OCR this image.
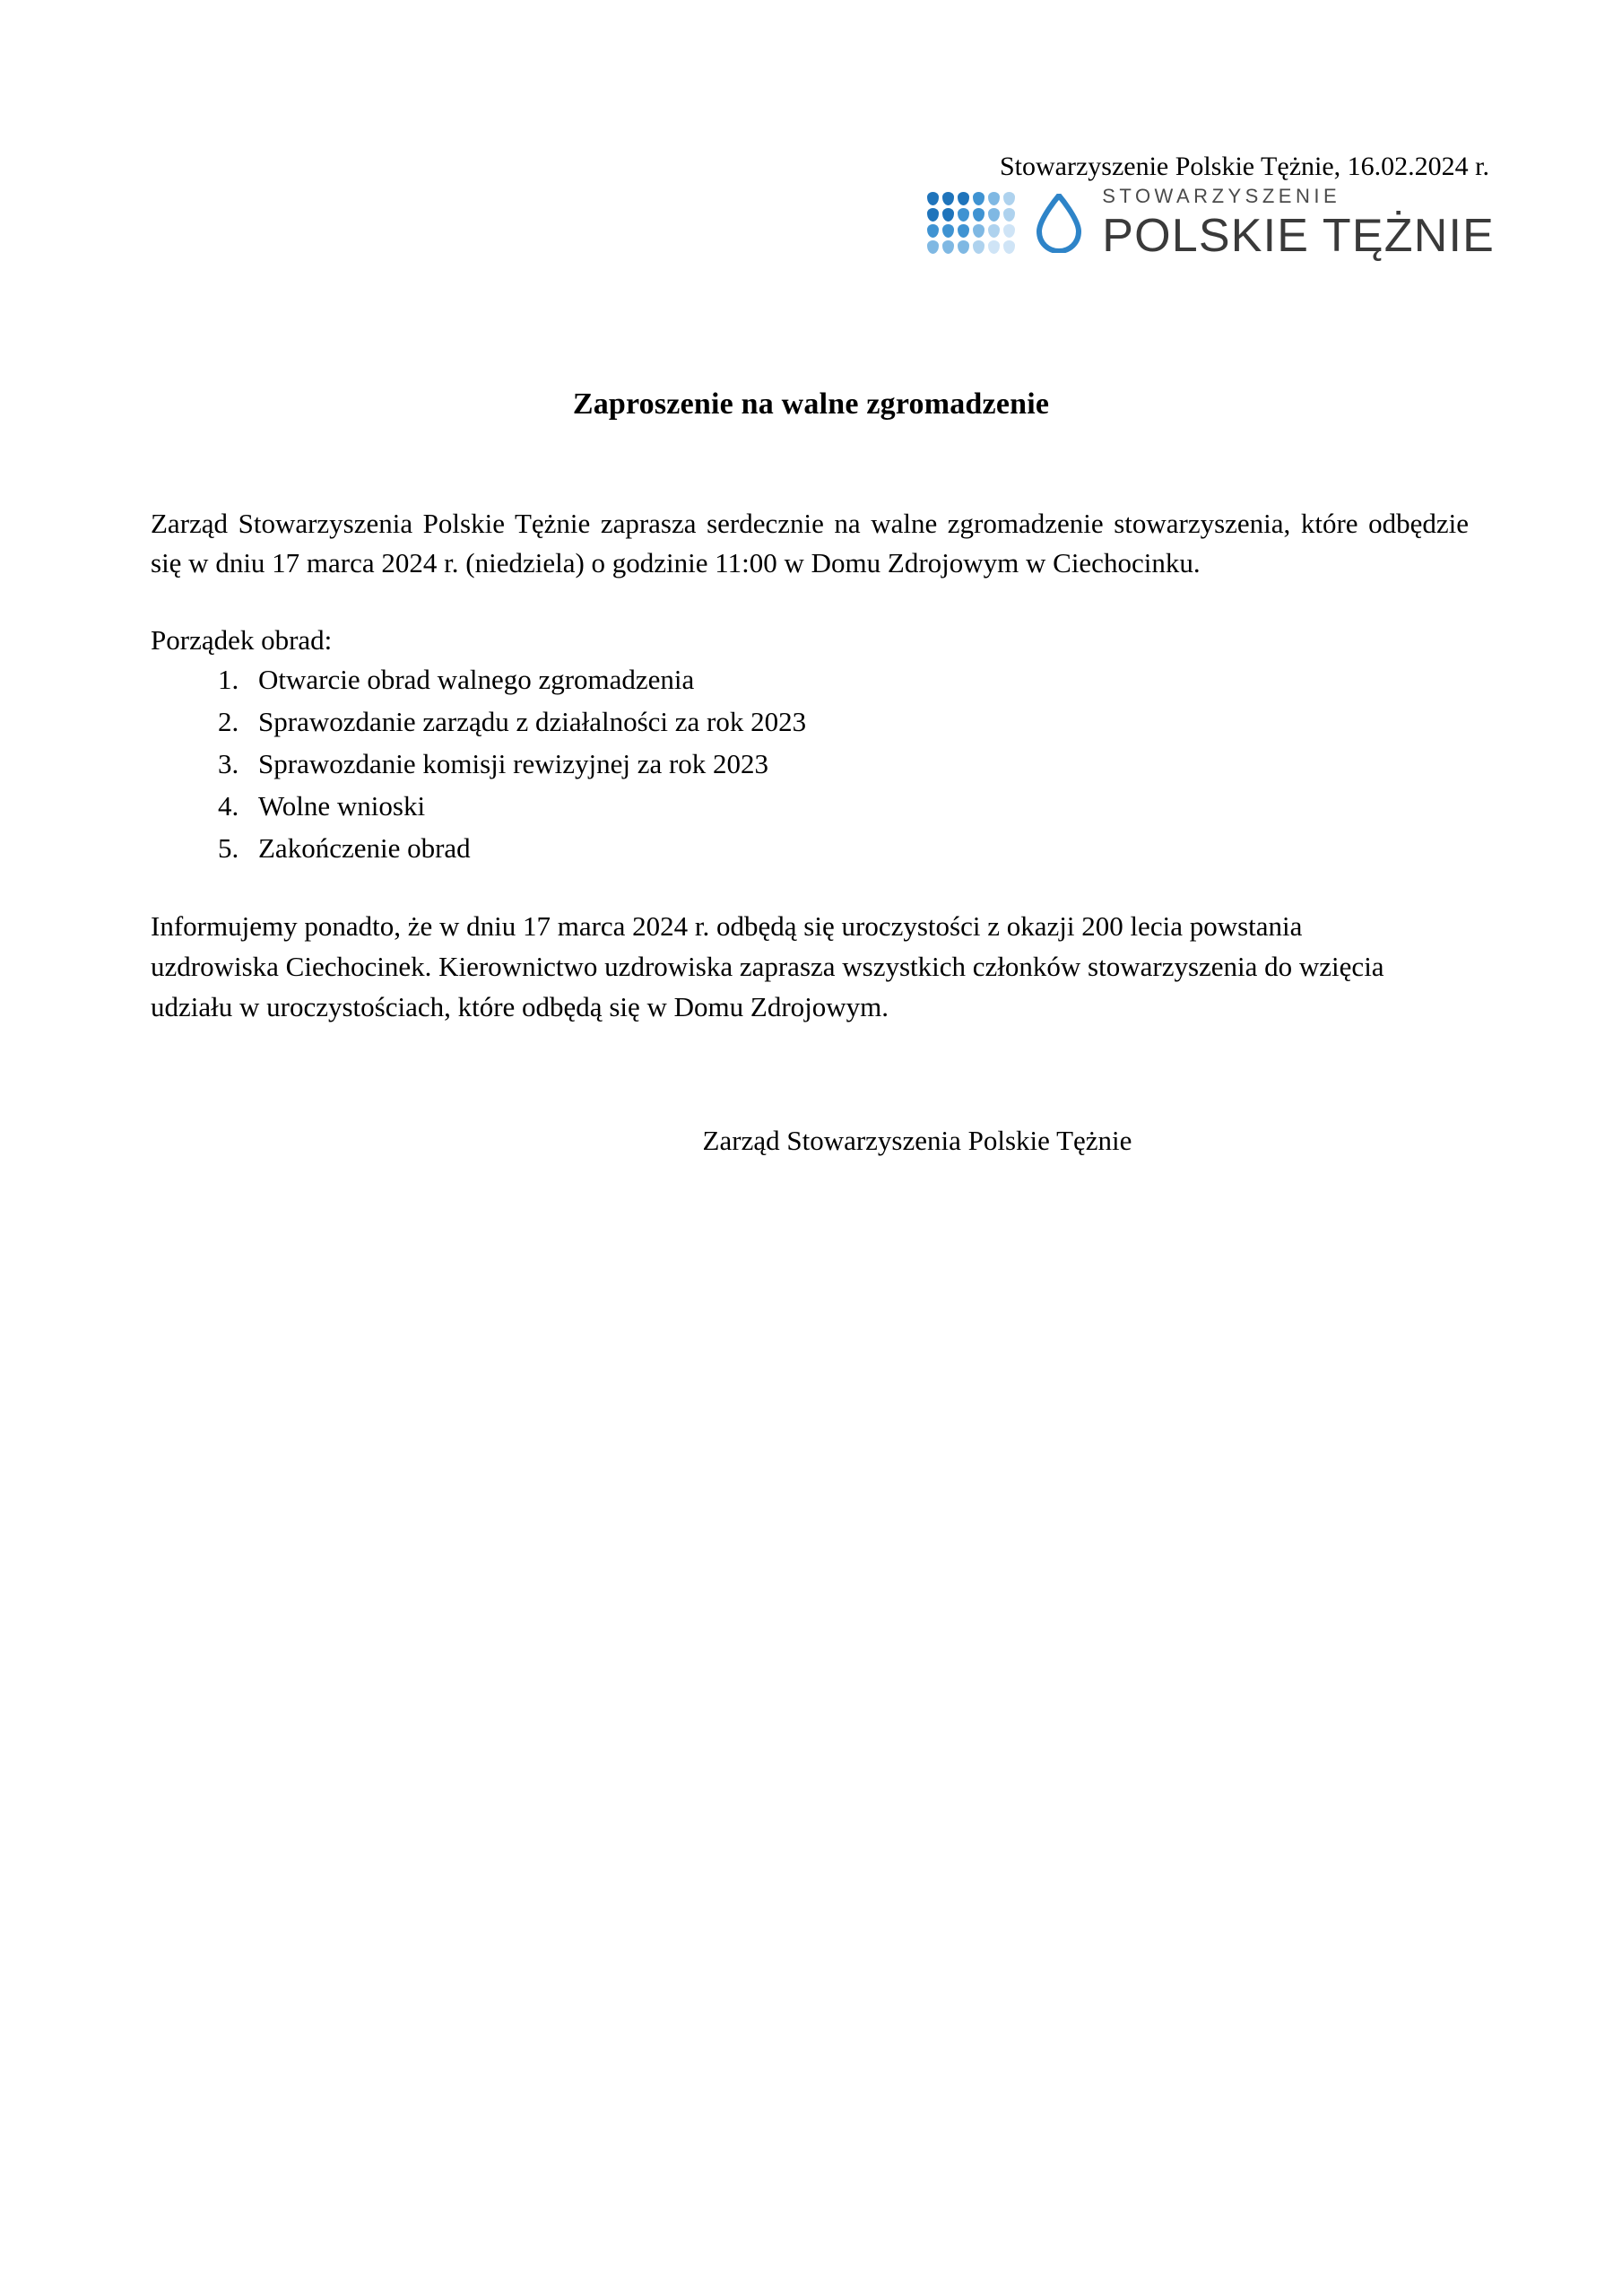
Stowarzyszenie Polskie Tężnie, 16.02.2024 r.
STOWARZYSZENIE
POLSKIE TĘŻNIE
Zaproszenie na walne zgromadzenie

Zarząd Stowarzyszenia Polskie Tężnie zaprasza serdecznie na walne zgromadzenie stowarzyszenia, które odbędzie się w dniu 17 marca 2024 r. (niedziela) o godzinie 11:00 w Domu Zdrojowym w Ciechocinku.

Porządek obrad:
1. Otwarcie obrad walnego zgromadzenia
2. Sprawozdanie zarządu z działalności za rok 2023
3. Sprawozdanie komisji rewizyjnej za rok 2023
4. Wolne wnioski
5. Zakończenie obrad

Informujemy ponadto, że w dniu 17 marca 2024 r. odbędą się uroczystości z okazji 200 lecia powstania uzdrowiska Ciechocinek. Kierownictwo uzdrowiska zaprasza wszystkich członków stowarzyszenia do wzięcia udziału w uroczystościach, które odbędą się w Domu Zdrojowym.

Zarząd Stowarzyszenia Polskie Tężnie
